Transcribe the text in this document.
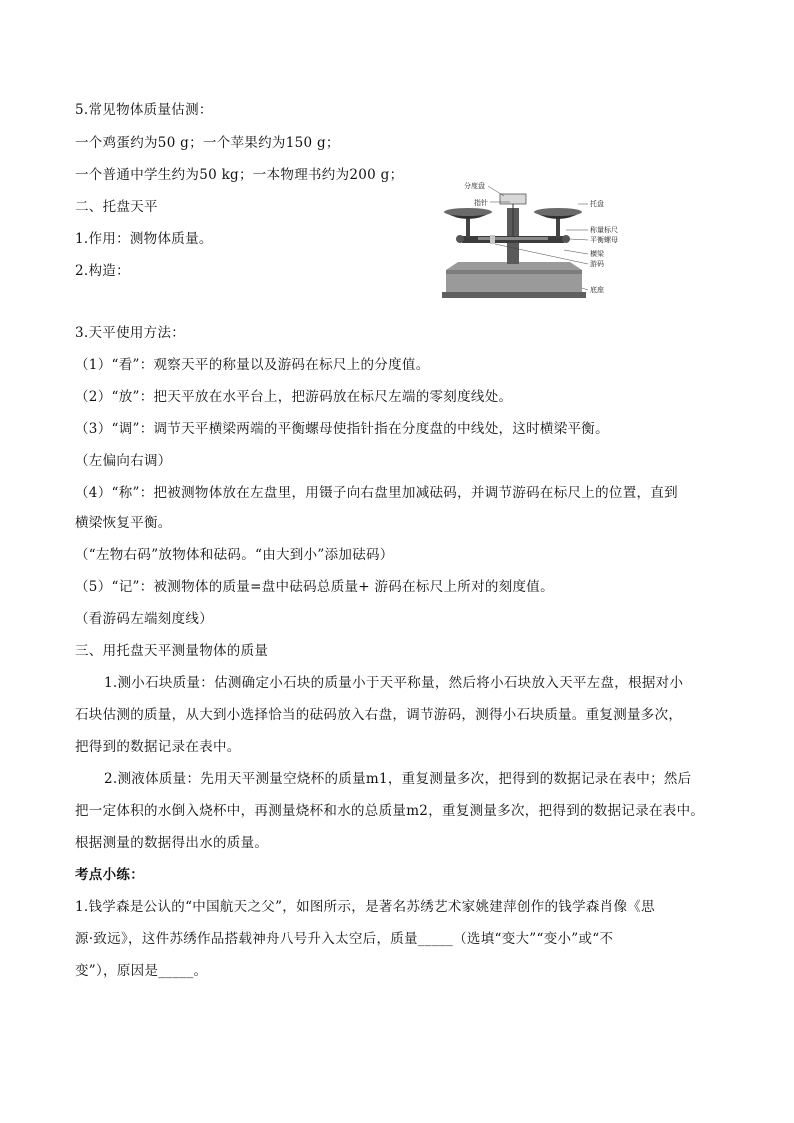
5.常见物体质量估测：
一个鸡蛋约为50 g；一个苹果约为150 g；
一个普通中学生约为50 kg；一本物理书约为200 g；
二、托盘天平
1.作用：测物体质量。
2.构造：
分度盘
指针	托盘
称量标尺
平衡螺母
横梁
游码
底座
3.天平使用方法：
（1）“看”：观察天平的称量以及游码在标尺上的分度值。
（2）“放”：把天平放在水平台上，把游码放在标尺左端的零刻度线处。
（3）“调”：调节天平横梁两端的平衡螺母使指针指在分度盘的中线处，这时横梁平衡。
（左偏向右调）
（4）“称”：把被测物体放在左盘里，用镊子向右盘里加减砝码，并调节游码在标尺上的位置，直到
横梁恢复平衡。
（“左物右码”放物体和砝码。“由大到小”添加砝码）
（5）“记”：被测物体的质量=盘中砝码总质量+ 游码在标尺上所对的刻度值。
（看游码左端刻度线）
三、用托盘天平测量物体的质量
1.测小石块质量：估测确定小石块的质量小于天平称量，然后将小石块放入天平左盘，根据对小
石块估测的质量，从大到小选择恰当的砝码放入右盘，调节游码，测得小石块质量。重复测量多次，
把得到的数据记录在表中。
2.测液体质量：先用天平测量空烧杯的质量m1，重复测量多次，把得到的数据记录在表中；然后
把一定体积的水倒入烧杯中，再测量烧杯和水的总质量m2，重复测量多次，把得到的数据记录在表中。
根据测量的数据得出水的质量。
考点小练：
1.钱学森是公认的“中国航天之父”，如图所示，是著名苏绣艺术家姚建萍创作的钱学森肖像《思
源·致远》，这件苏绣作品搭载神舟八号升入太空后，质量_____（选填“变大”“变小”或“不
变”），原因是_____。
